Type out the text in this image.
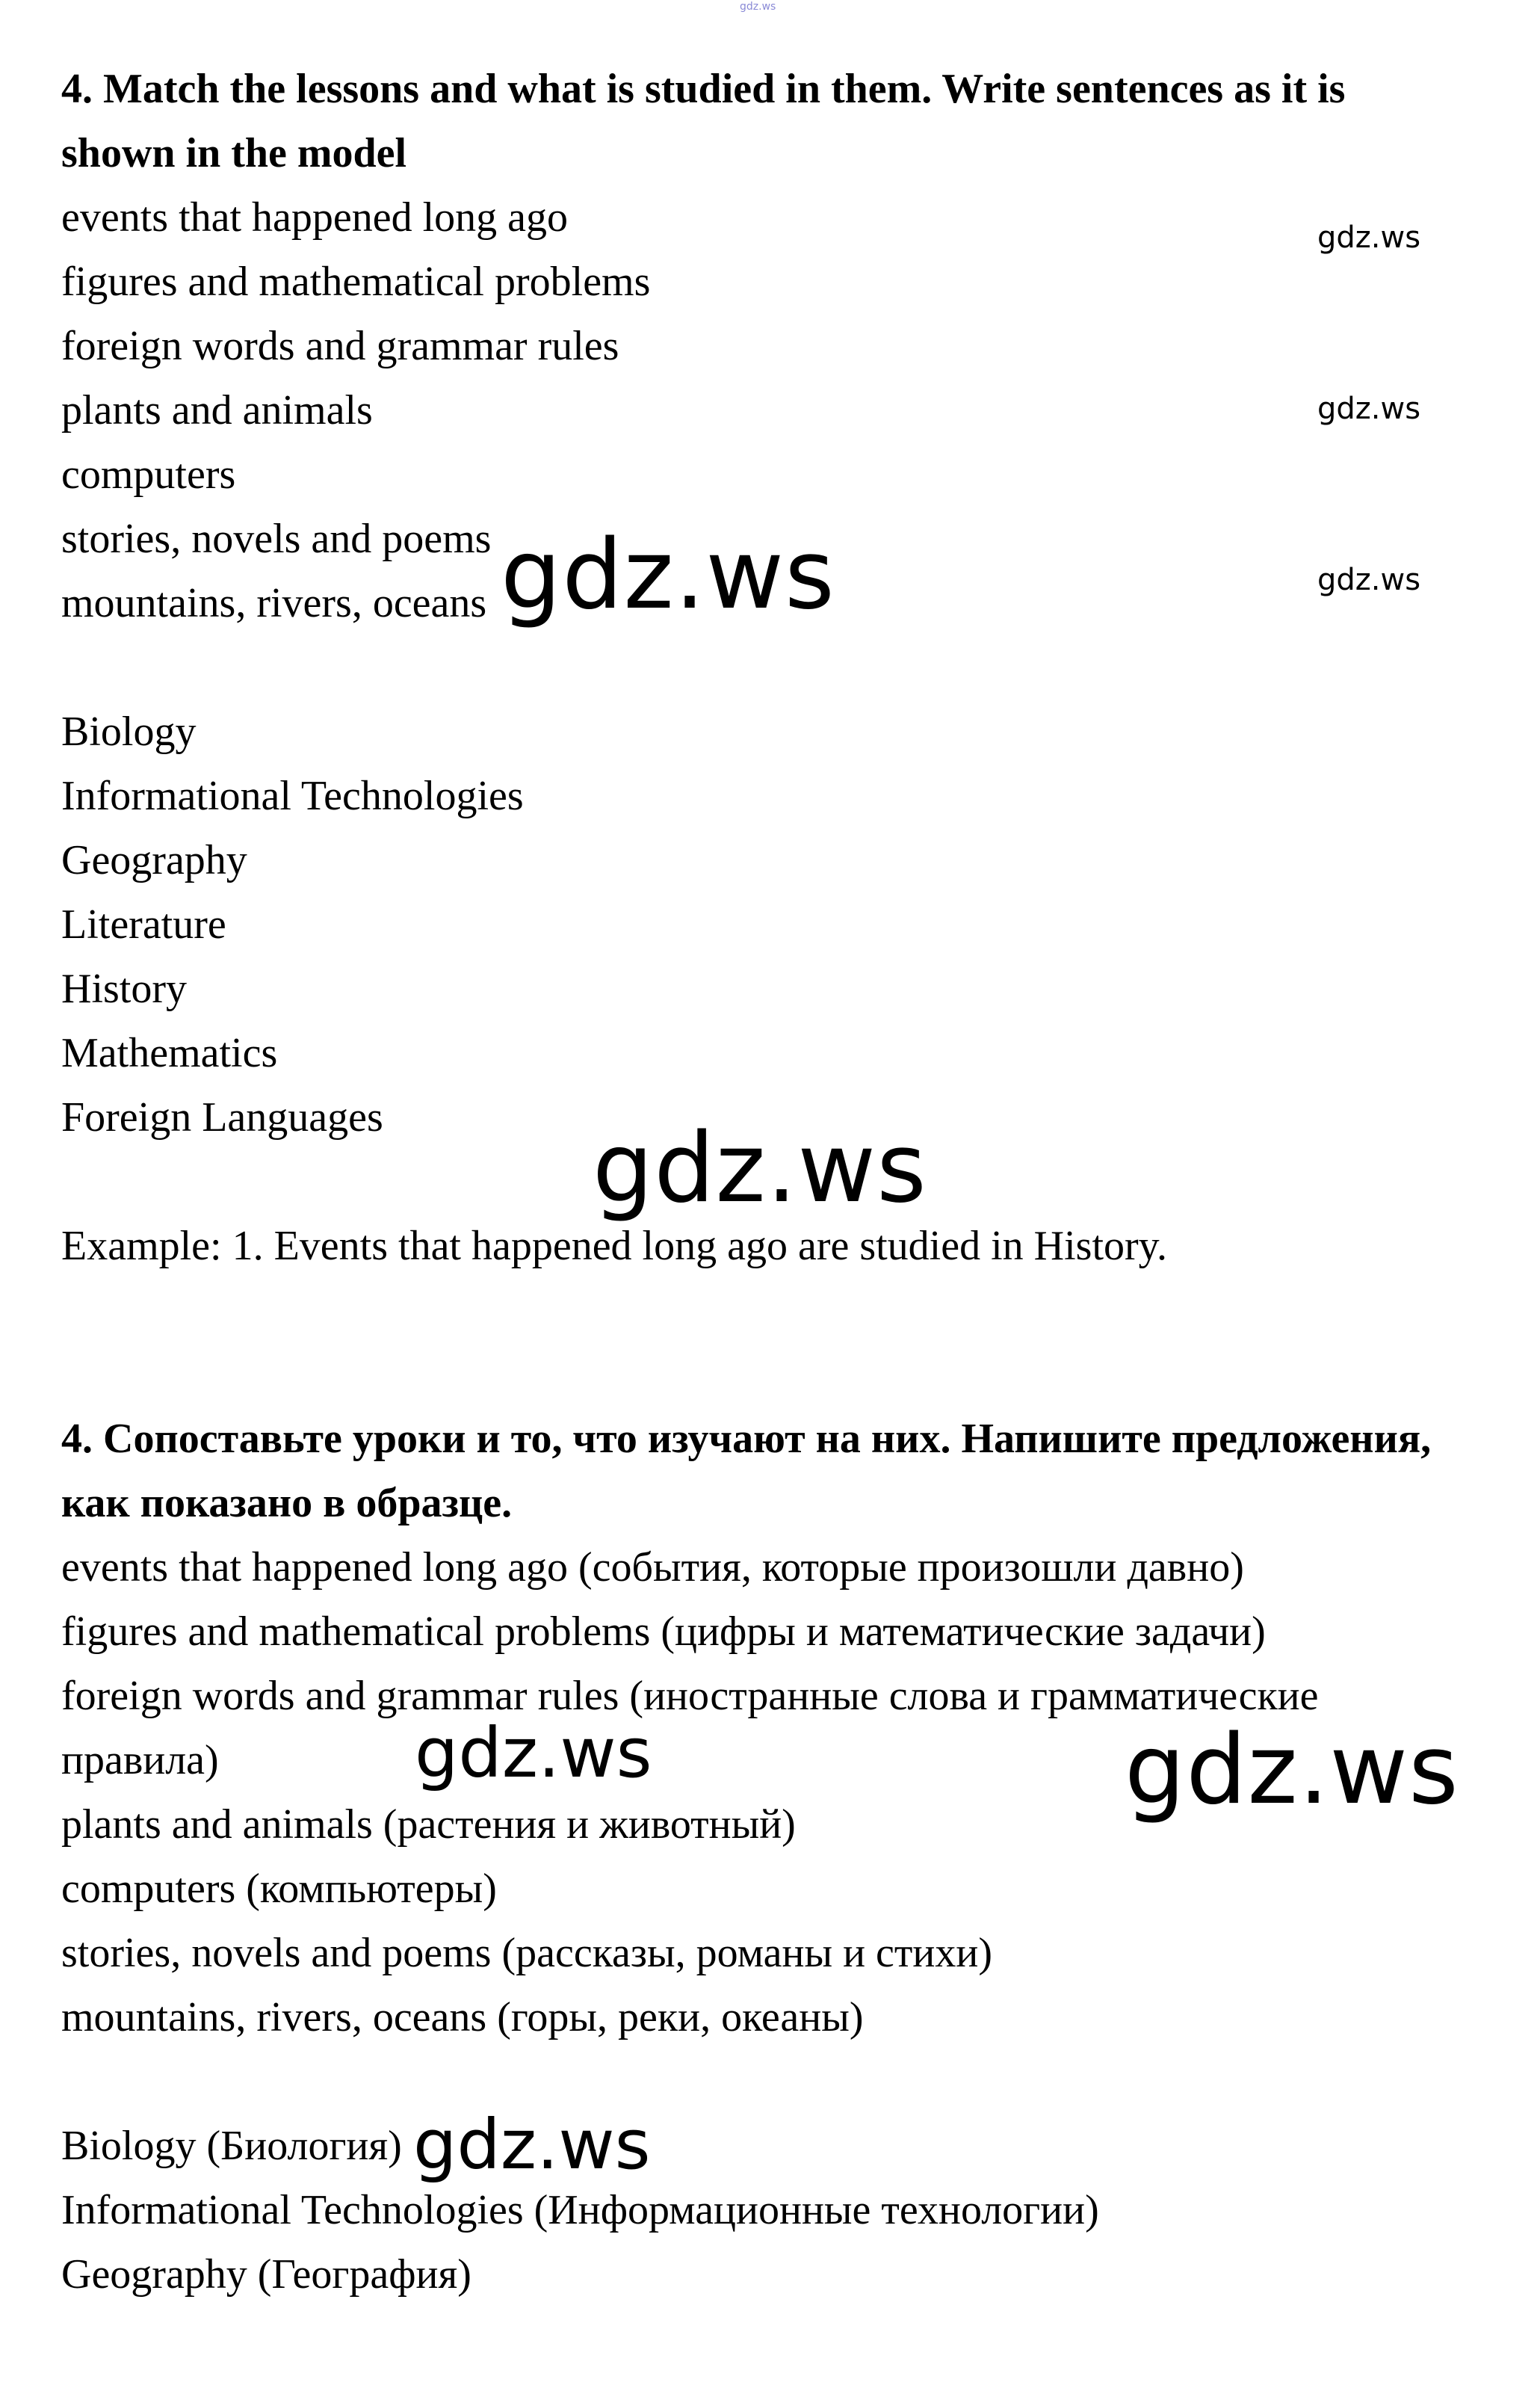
gdz.ws
4. Match the lessons and what is studied in them. Write sentences as it is
shown in the model
events that happened long ago
figures and mathematical problems
foreign words and grammar rules
plants and animals
computers
stories, novels and poems
mountains, rivers, oceans
Biology
Informational Technologies
Geography
Literature
History
Mathematics
Foreign Languages
Example: 1. Events that happened long ago are studied in History.
4. Сопоставьте уроки и то, что изучают на них. Напишите предложения,
как показано в образце.
events that happened long ago (события, которые произошли давно)
figures and mathematical problems (цифры и математические задачи)
foreign words and grammar rules (иностранные слова и грамматические
правила)
plants and animals (растения и животный)
computers (компьютеры)
stories, novels and poems (рассказы, романы и стихи)
mountains, rivers, oceans (горы, реки, океаны)
Biology (Биология)
Informational Technologies (Информационные технологии)
Geography (География)
gdz.ws
gdz.ws
gdz.ws
gdz.ws
gdz.ws
gdz.ws	gdz.ws
gdz.ws
